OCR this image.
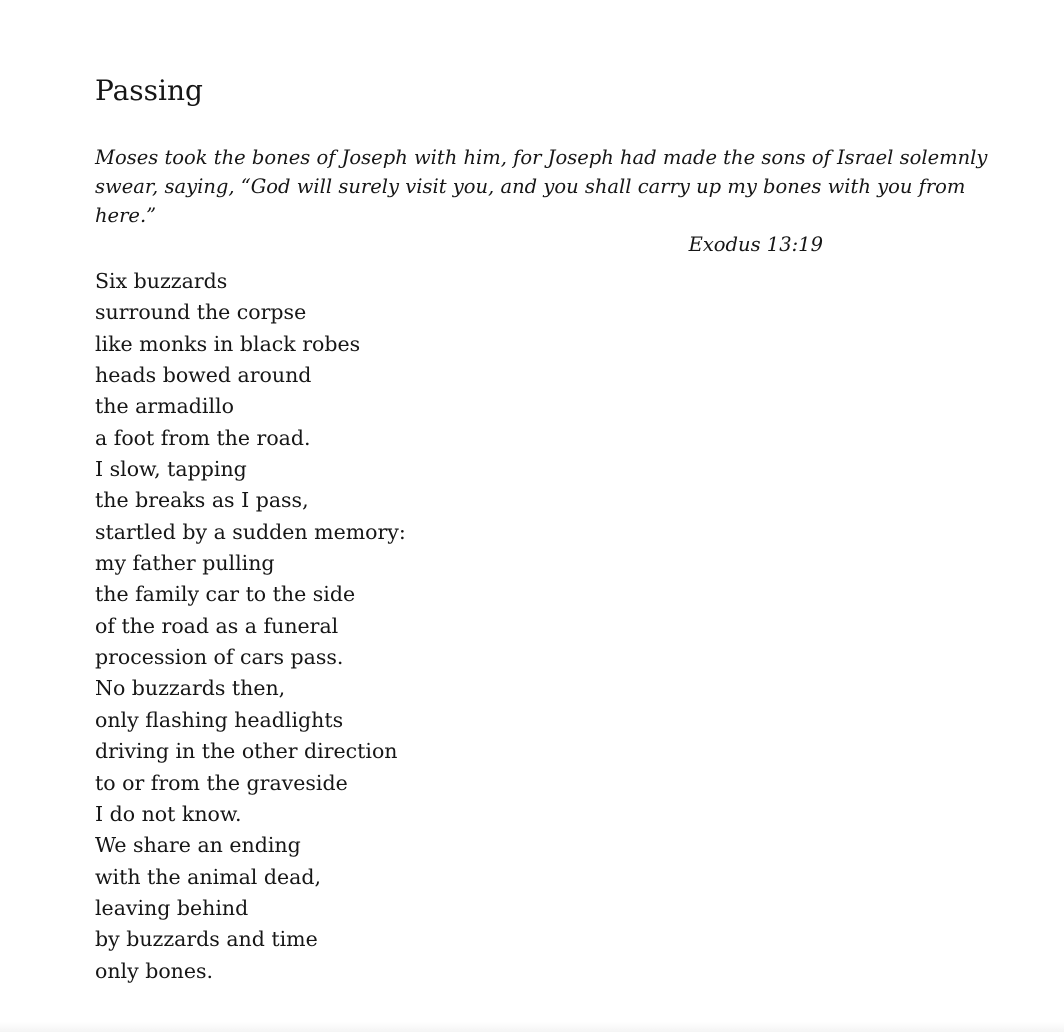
Passing
Moses took the bones of Joseph with him, for Joseph had made the sons of Israel solemnly
swear, saying, “God will surely visit you, and you shall carry up my bones with you from
here.”
Exodus 13:19
Six buzzards
surround the corpse
like monks in black robes
heads bowed around
the armadillo
a foot from the road.
I slow, tapping
the breaks as I pass,
startled by a sudden memory:
my father pulling
the family car to the side
of the road as a funeral
procession of cars pass.
No buzzards then,
only flashing headlights
driving in the other direction
to or from the graveside
I do not know.
We share an ending
with the animal dead,
leaving behind
by buzzards and time
only bones.
